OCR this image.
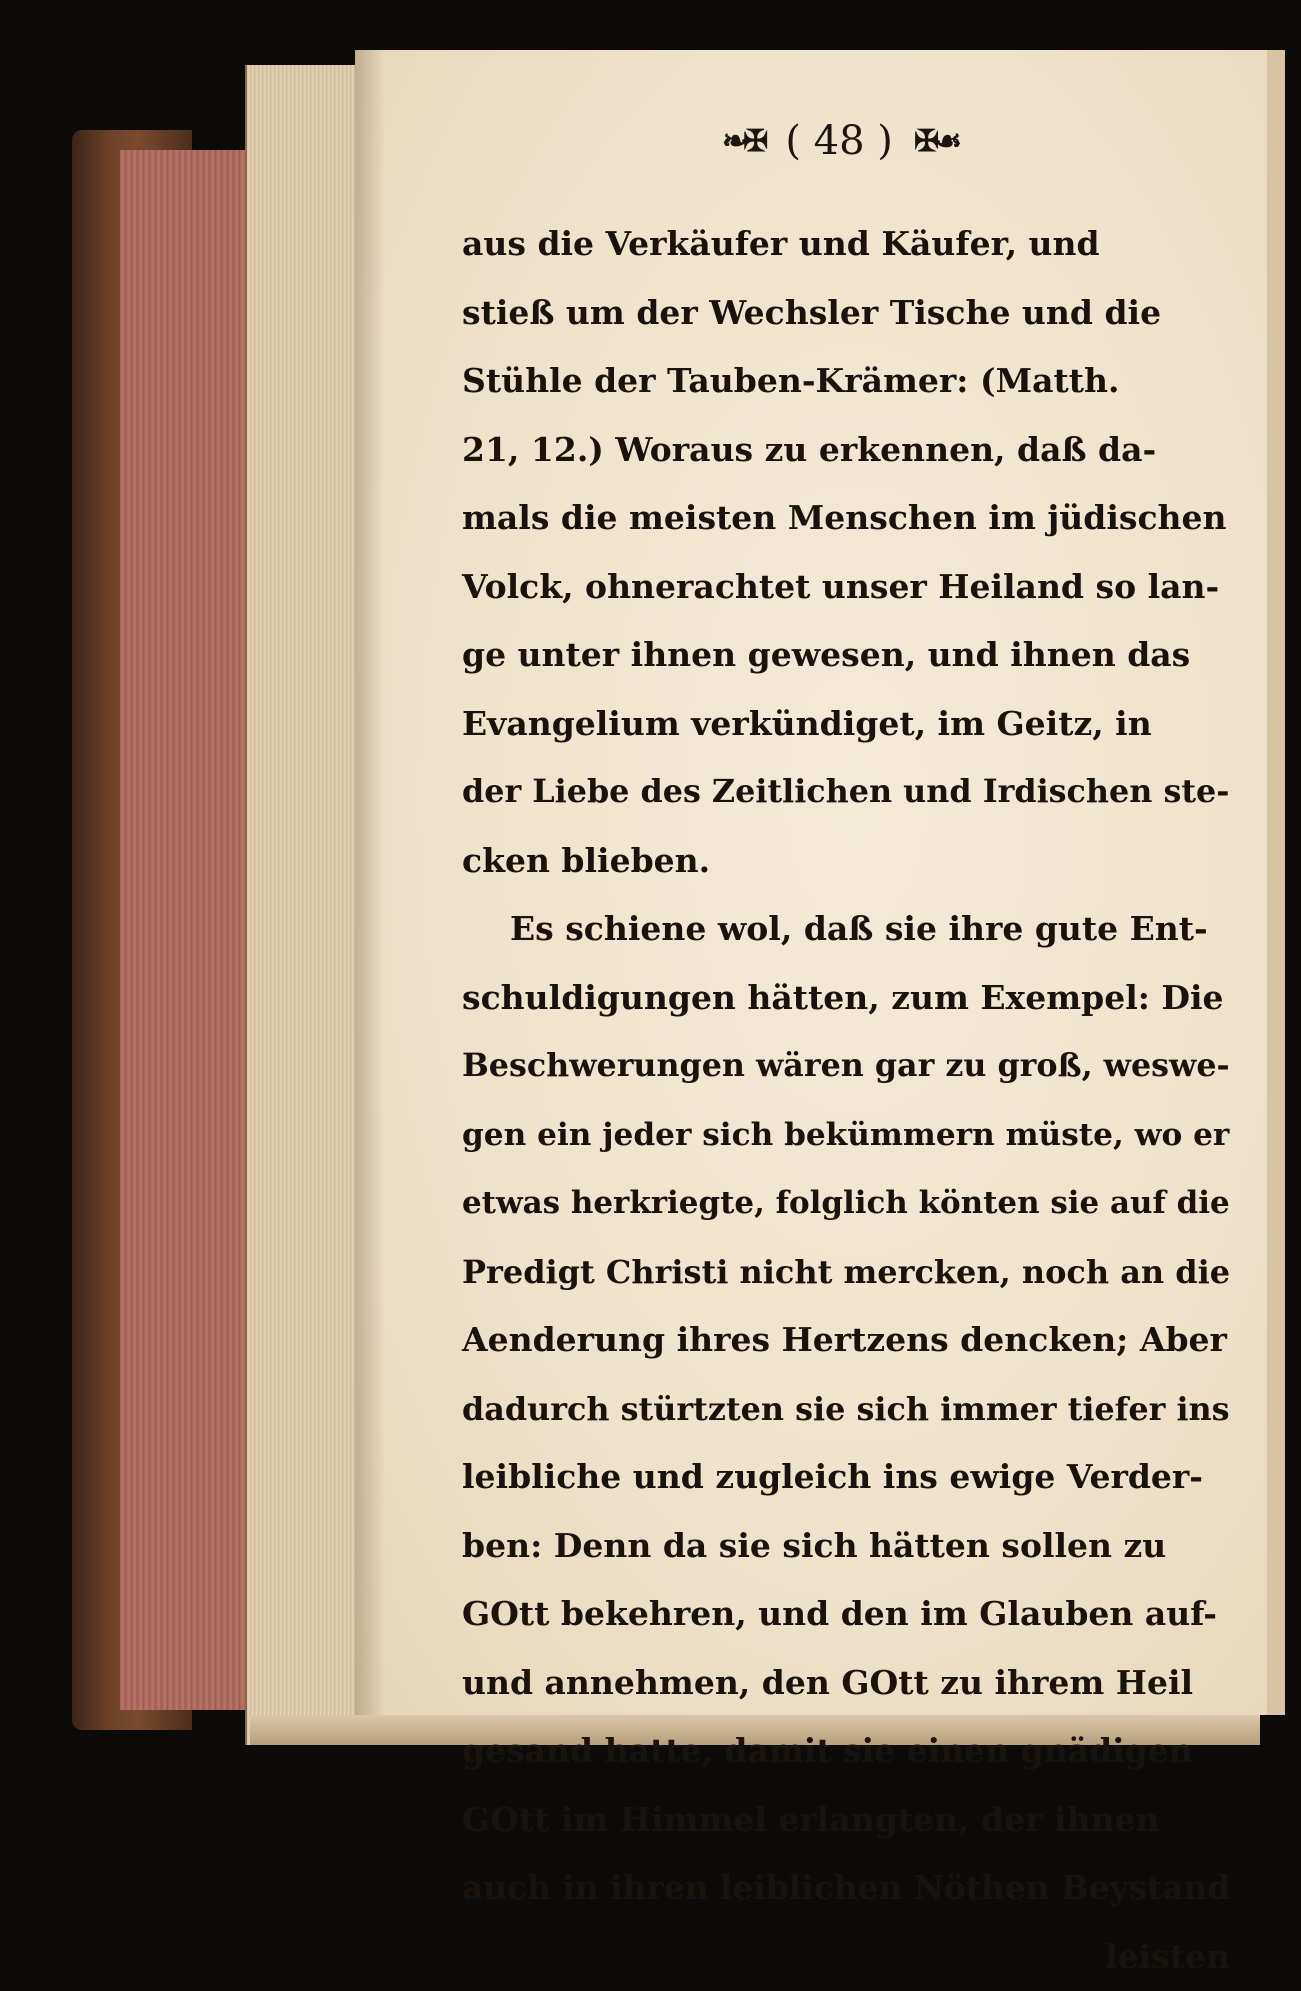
❧✠ ( 48 ) ✠☙
aus die Verkäufer und Käufer, und
stieß um der Wechsler Tische und die
Stühle der Tauben-Krämer: (Matth.
21, 12.) Woraus zu erkennen, daß da-
mals die meisten Menschen im jüdischen
Volck, ohnerachtet unser Heiland so lan-
ge unter ihnen gewesen, und ihnen das
Evangelium verkündiget, im Geitz, in
der Liebe des Zeitlichen und Irdischen ste-
cken blieben.
Es schiene wol, daß sie ihre gute Ent-
schuldigungen hätten, zum Exempel: Die
Beschwerungen wären gar zu groß, weswe-
gen ein jeder sich bekümmern müste, wo er
etwas herkriegte, folglich könten sie auf die
Predigt Christi nicht mercken, noch an die
Aenderung ihres Hertzens dencken; Aber
dadurch stürtzten sie sich immer tiefer ins
leibliche und zugleich ins ewige Verder-
ben: Denn da sie sich hätten sollen zu
GOtt bekehren, und den im Glauben auf-
und annehmen, den GOtt zu ihrem Heil
gesand hatte, damit sie einen gnädigen
GOtt im Himmel erlangten, der ihnen
auch in ihren leiblichen Nöthen Beystand
leisten
